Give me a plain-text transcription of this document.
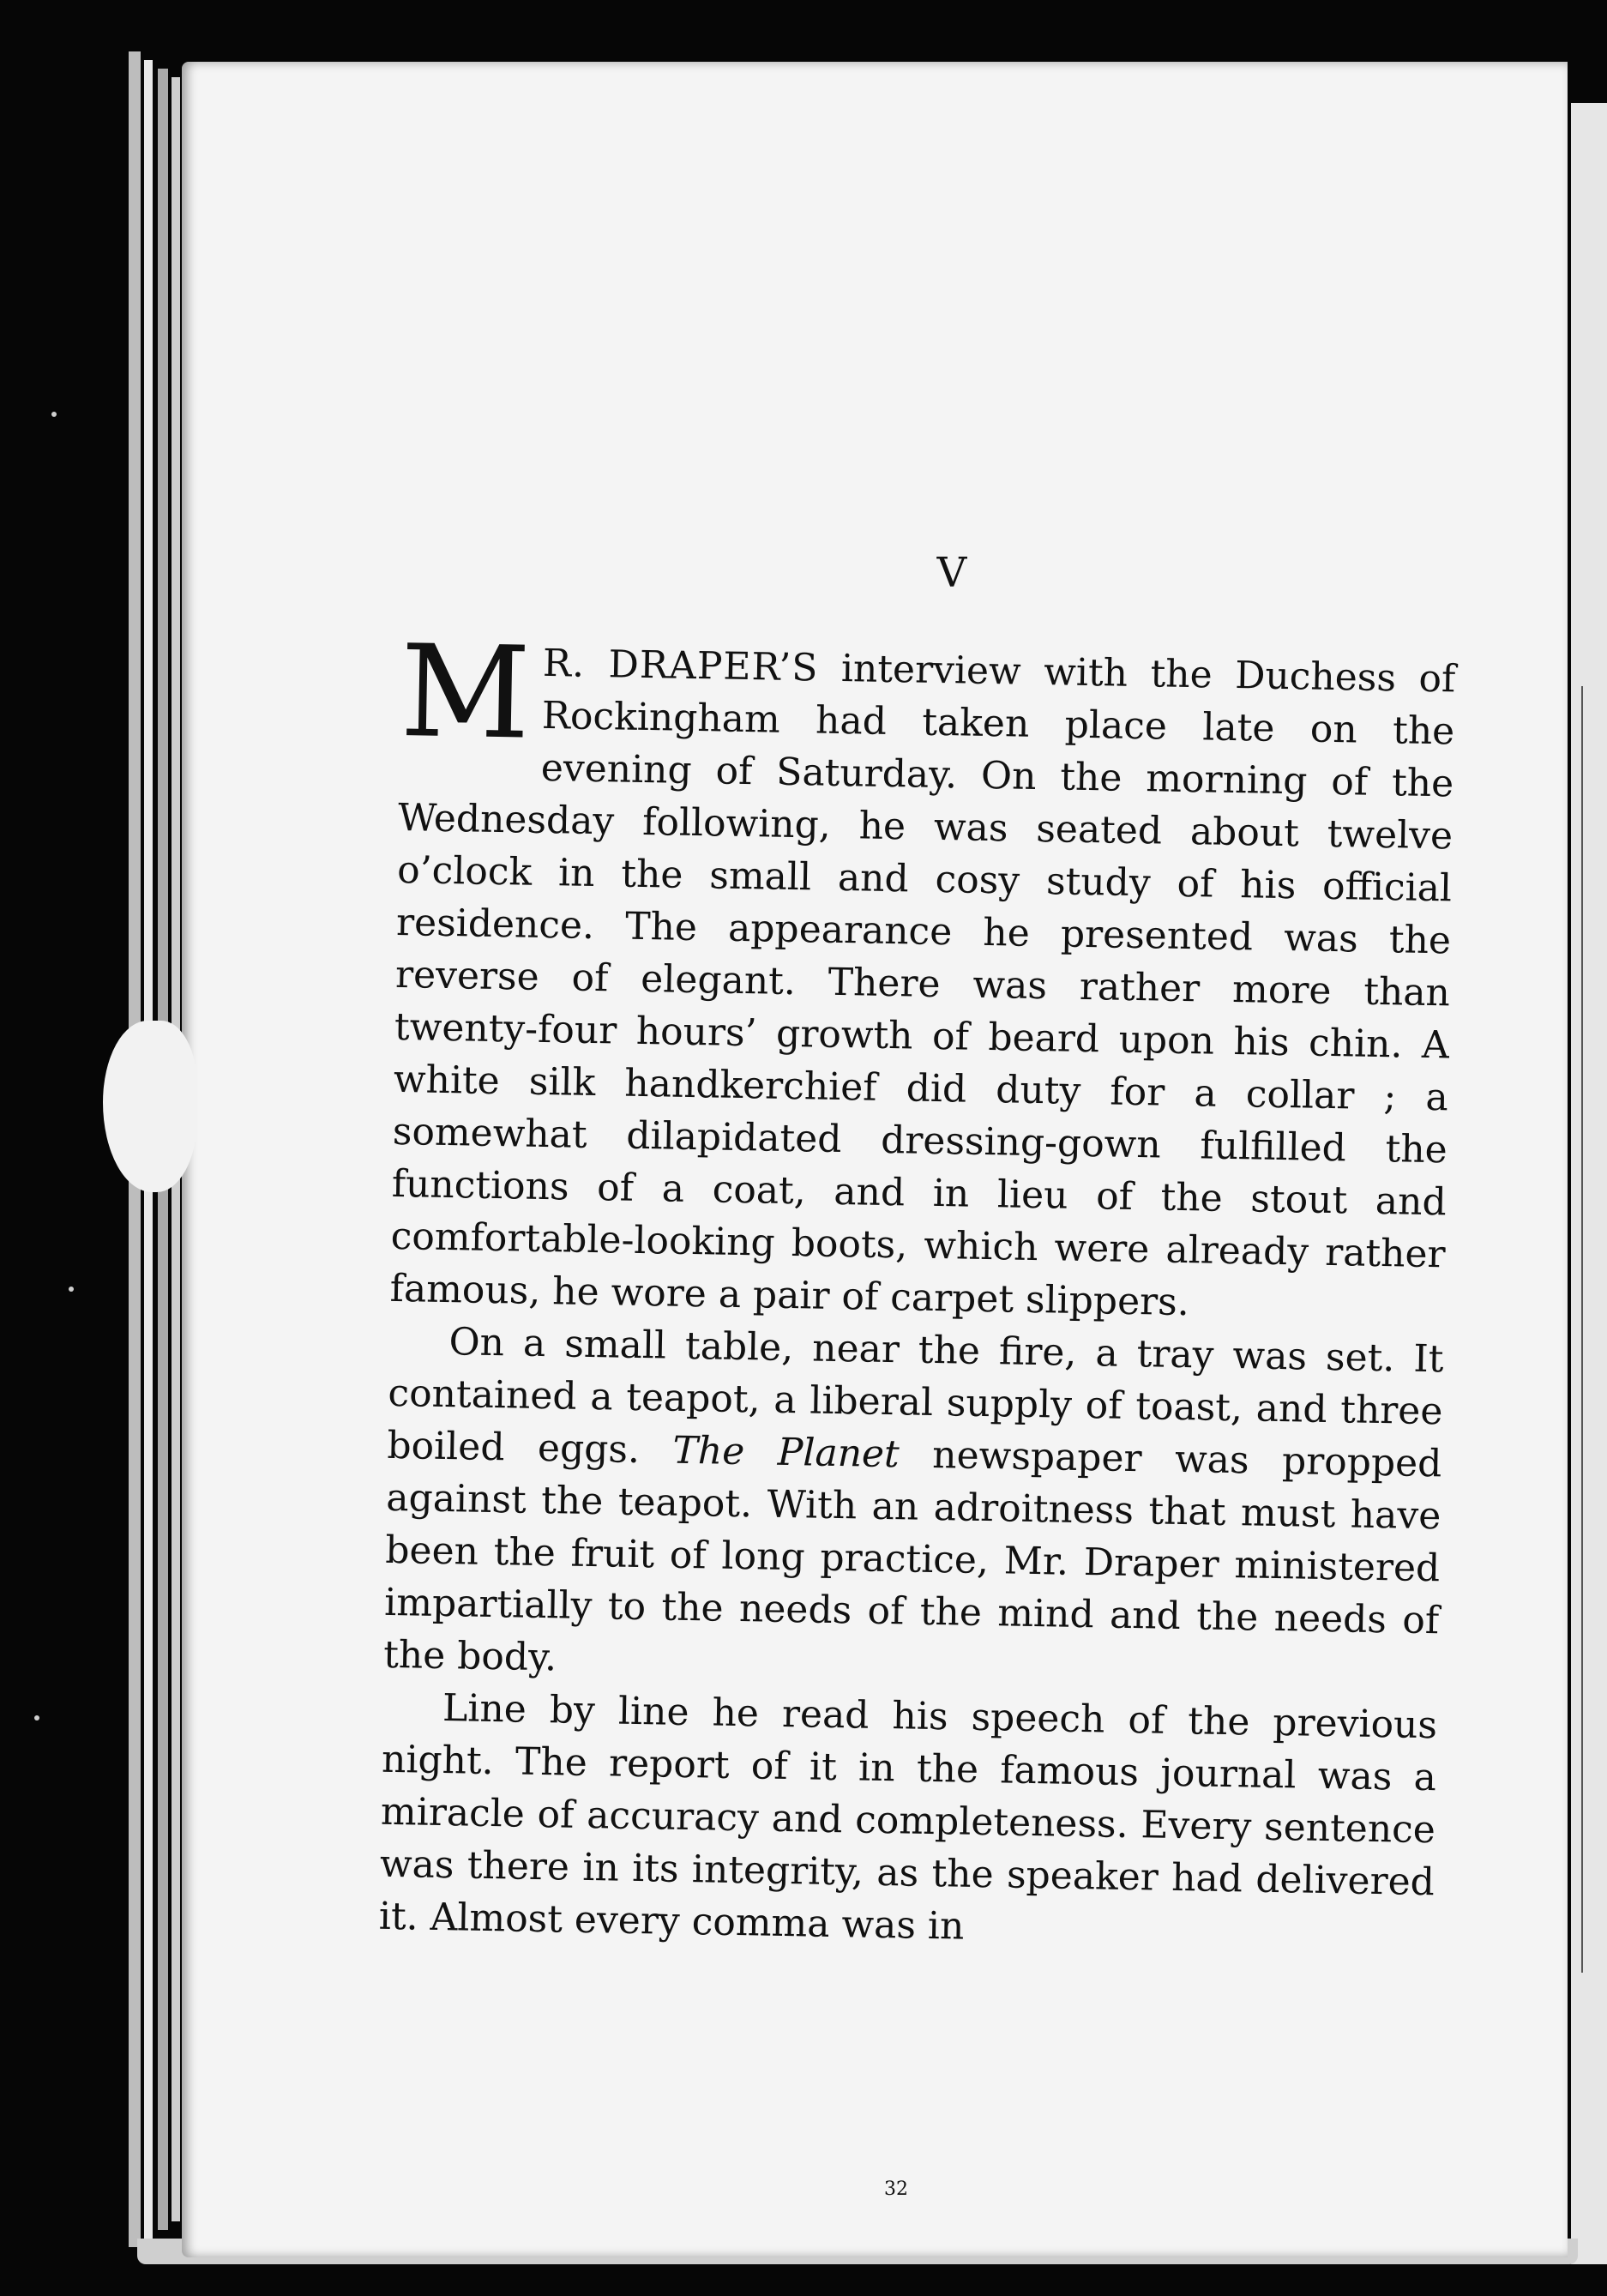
V

M R. DRAPER’S interview with the Duchess of Rockingham had taken place late on the evening of Saturday. On the morning of the Wednesday following, he was seated about twelve o’clock in the small and cosy study of his official residence. The appearance he presented was the reverse of elegant. There was rather more than twenty-four hours’ growth of beard upon his chin. A white silk handkerchief did duty for a collar ; a somewhat dilapidated dressing-gown fulfilled the functions of a coat, and in lieu of the stout and comfortable-looking boots, which were already rather famous, he wore a pair of carpet slippers.

On a small table, near the fire, a tray was set. It contained a teapot, a liberal supply of toast, and three boiled eggs. The Planet newspaper was propped against the teapot. With an adroitness that must have been the fruit of long practice, Mr. Draper ministered impartially to the needs of the mind and the needs of the body.

Line by line he read his speech of the previous night. The report of it in the famous journal was a miracle of accuracy and completeness. Every sentence was there in its integrity, as the speaker had delivered it. Almost every comma was in

32
